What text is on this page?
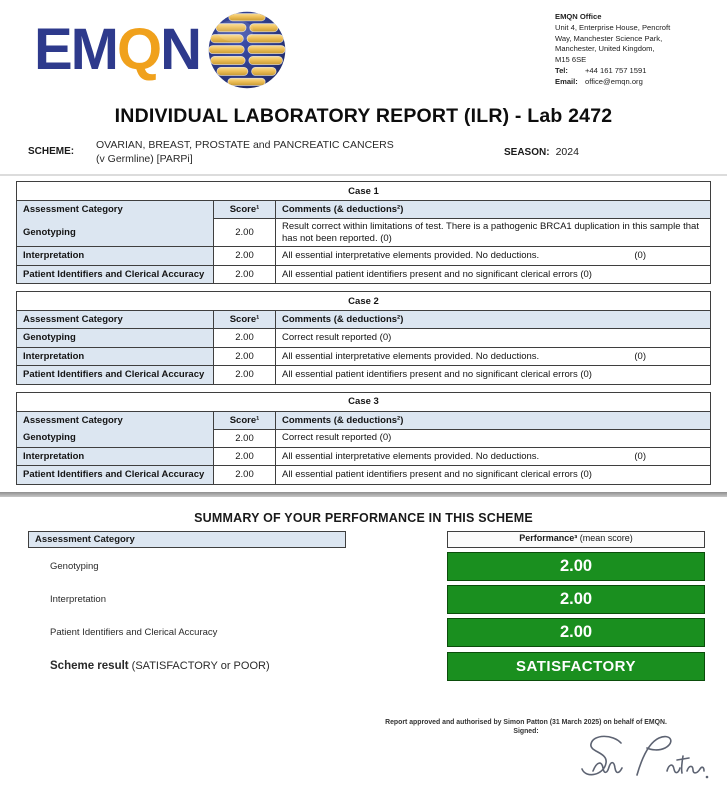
EMQN
EMQN Office
Unit 4, Enterprise House, Pencroft
Way, Manchester Science Park,
Manchester, United Kingdom,
M15 6SE
Tel:	+44 161 757 1591
Email: office@emqn.org
INDIVIDUAL LABORATORY REPORT (ILR) - Lab 2472
SCHEME:
OVARIAN, BREAST, PROSTATE and PANCREATIC CANCERS
(v Germline) [PARPi]	SEASON: 2024
Case 1		
Assessment Category	Score¹	Comments (& deductions²)
Genotyping	2.00	Result correct within limitations of test. There is a pathogenic BRCA1 duplication in this sample that has not been reported. (0)
Interpretation	2.00	All essential interpretative elements provided. No deductions. (0)

Patient Identifiers and Clerical Accuracy	2.00	All essential patient identifiers present and no significant clerical errors (0)
Case 2		
Assessment Category	Score¹	Comments (& deductions²)
Genotyping	2.00	Correct result reported (0)
Interpretation	2.00	All essential interpretative elements provided. No deductions. (0)

Patient Identifiers and Clerical Accuracy	2.00	All essential patient identifiers present and no significant clerical errors (0)
Case 3		
Assessment Category	Score¹	Comments (& deductions²)
Genotyping	2.00	Correct result reported (0)
Interpretation	2.00	All essential interpretative elements provided. No deductions. (0)

Patient Identifiers and Clerical Accuracy	2.00	All essential patient identifiers present and no significant clerical errors (0)
SUMMARY OF YOUR PERFORMANCE IN THIS SCHEME
Assessment Category	Performance³ (mean score)
Genotyping	2.00
Interpretation	2.00
Patient Identifiers and Clerical Accuracy	2.00
Scheme result (SATISFACTORY or POOR)	SATISFACTORY
Report approved and authorised by Simon Patton (31 March 2025) on behalf of EMQN.
Signed:
